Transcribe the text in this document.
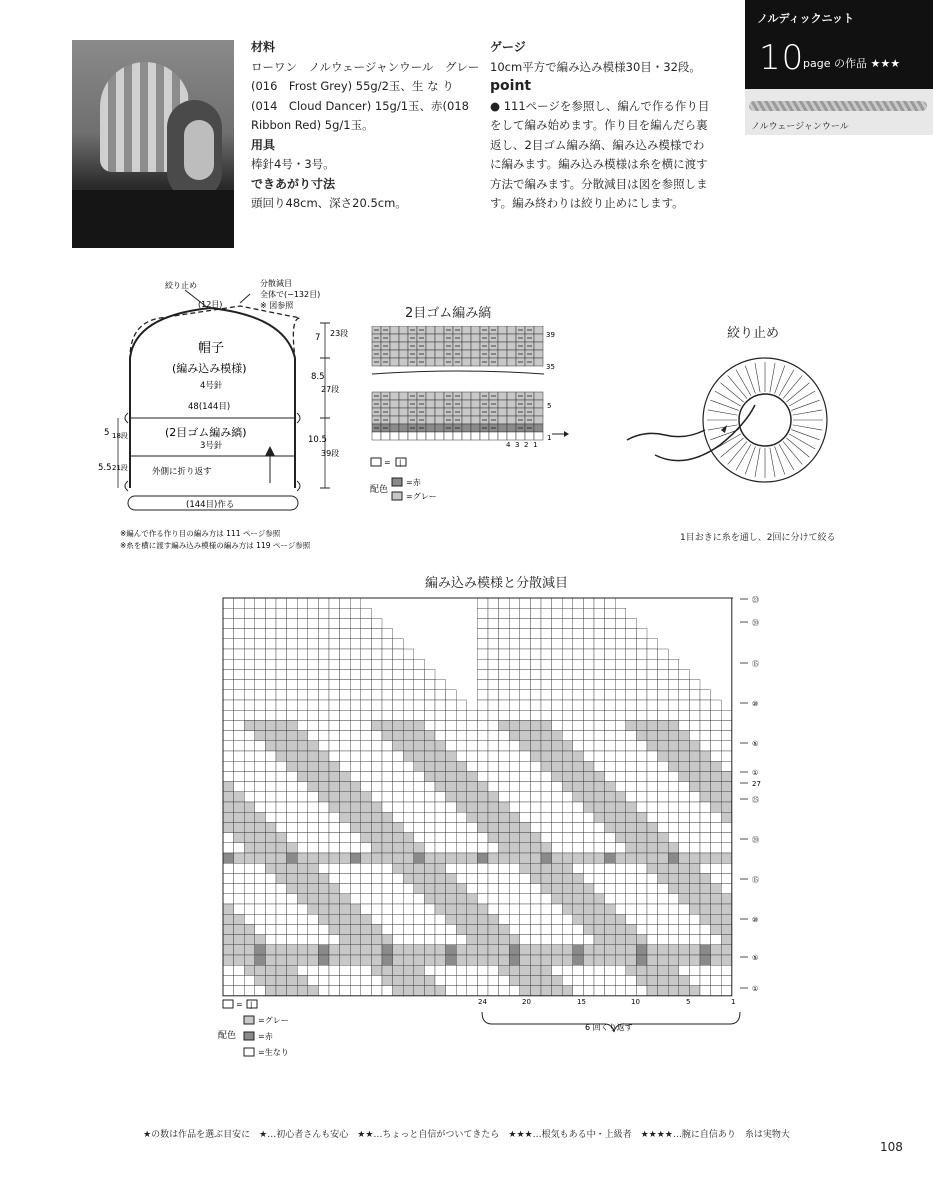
材料
ローワン　ノルウェージャンウール　グレー
(016　Frost Grey) 55g/2玉、生 な り
(014　Cloud Dancer) 15g/1玉、赤(018
Ribbon Red) 5g/1玉。
用具
棒針4号・3号。
できあがり寸法
頭回り48cm、深さ20.5cm。
ゲージ
10cm平方で編み込み模様30目・32段。
point
● 111ページを参照し、編んで作る作り目
をして編み始めます。作り目を編んだら裏
返し、2目ゴム編み縞、編み込み模様でわ
に編みます。編み込み模様は糸を横に渡す
方法で編みます。分散減目は図を参照しま
す。編み終わりは絞り止めにします。
ノルディックニット
10
page の作品 ★★★
ノルウェージャンウール
絞り止め
(12目)
分散減目
全体で(−132目)
※ 図参照
帽子
(編み込み模様)
4号針
48(144目)
(2目ゴム編み縞)
3号針
外側に折り返す
(144目)作る
7 23段
8.5
27段
10.5
39段
5 18段
5.5 21段
※編んで作る作り目の編み方は 111 ページ参照
※糸を横に渡す編み込み模様の編み方は 119 ページ参照
2目ゴム編み縞
39
35
5
1
4 3 2 1
= |
配色
=赤
=グレー
絞り止め
1目おきに糸を通し、2回に分けて絞る
編み込み模様と分散減目
㉓
⑳
⑮
⑩
⑤
①
27
㉕
⑳
⑮
⑩
⑤
①
24	20	15	10	5	1
6 回くり返す
= |
配色
=グレー
=赤
=生なり
★の数は作品を選ぶ目安に　★…初心者さんも安心　★★…ちょっと自信がついてきたら　★★★…根気もある中・上級者　★★★★…腕に自信あり　糸は実物大
108
